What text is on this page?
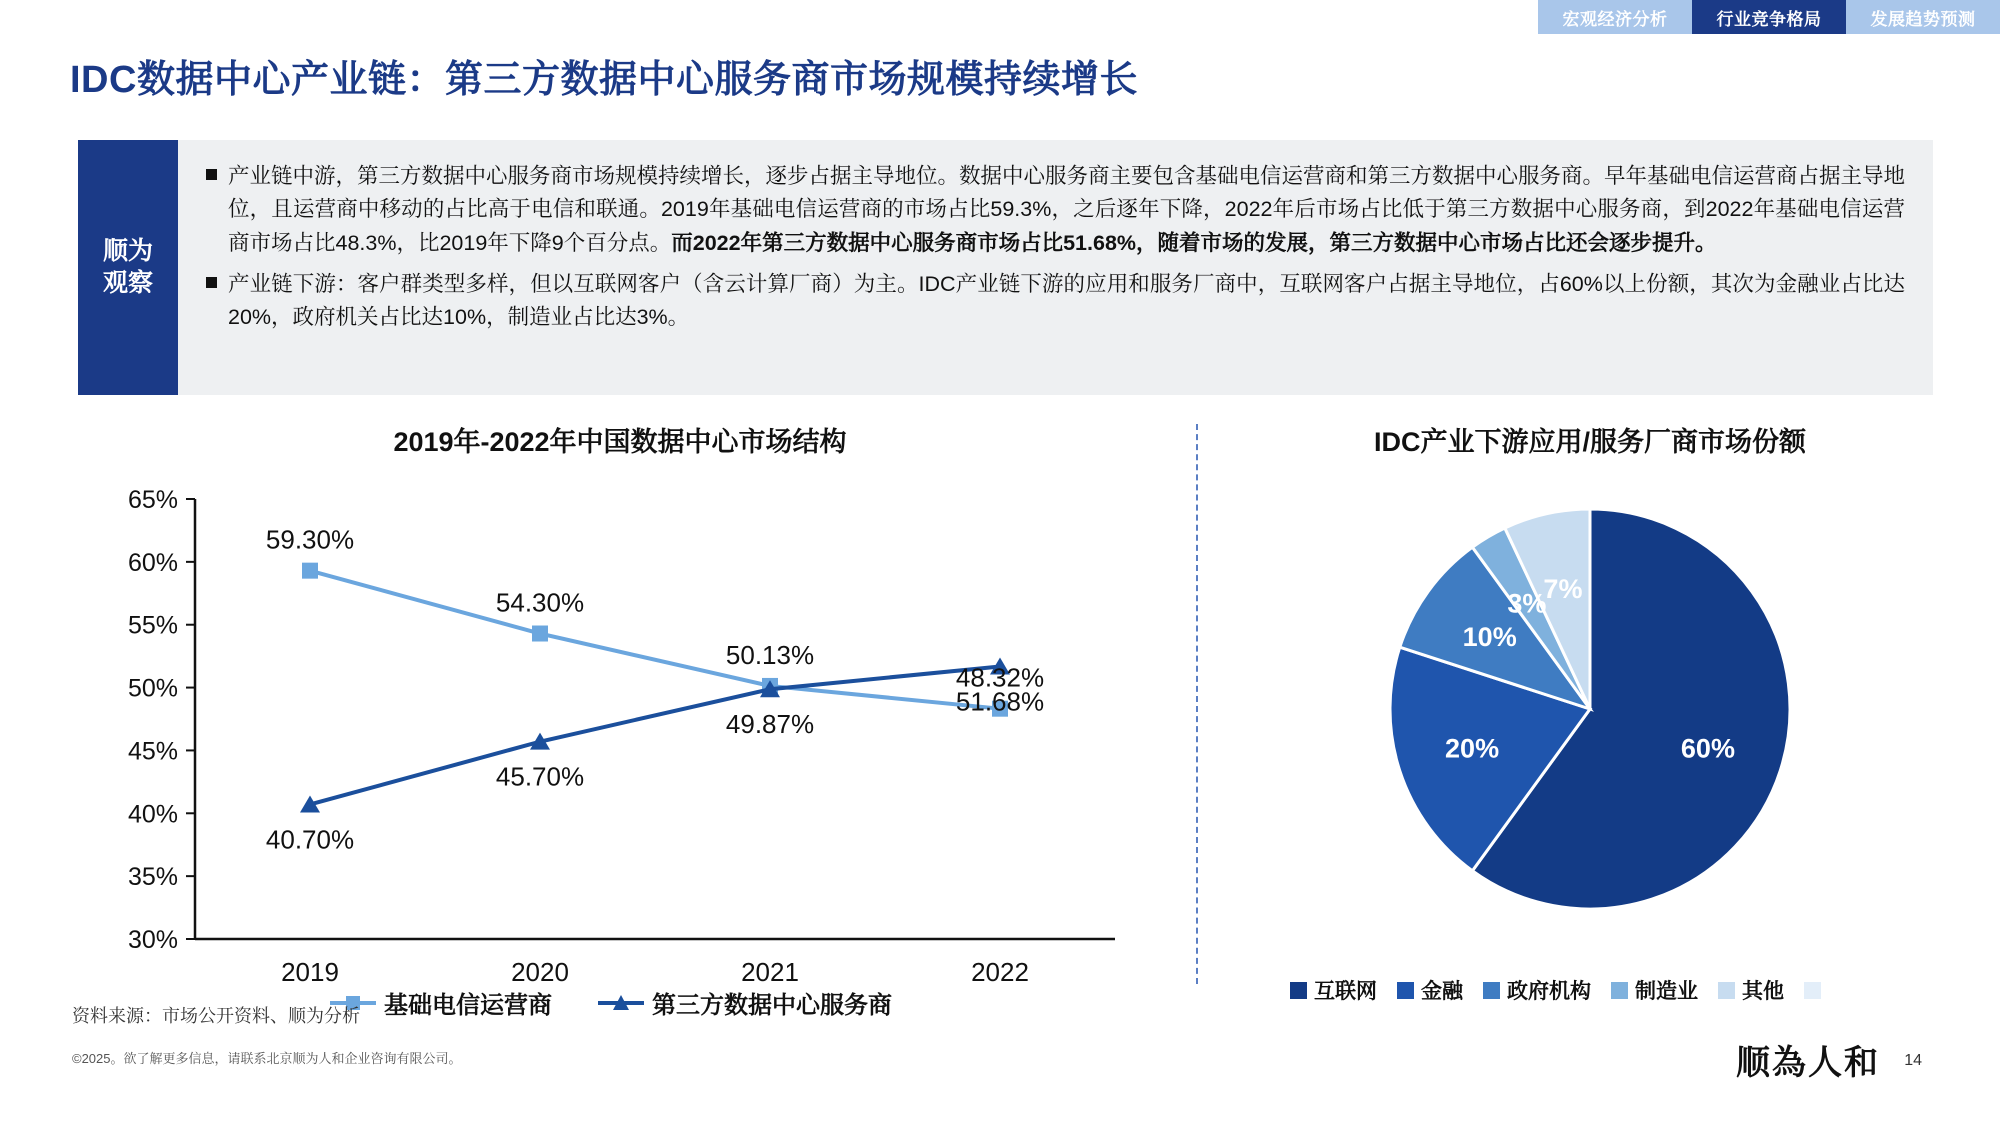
宏观经济分析	行业竞争格局	发展趋势预测
IDC数据中心产业链：第三方数据中心服务商市场规模持续增长
顺为
观察
产业链中游，第三方数据中心服务商市场规模持续增长，逐步占据主导地位。数据中心服务商主要包含基础电信运营商和第三方数据中心服务商。早年基础电信运营商占据主导地位，且运营商中移动的占比高于电信和联通。2019年基础电信运营商的市场占比59.3%，之后逐年下降，2022年后市场占比低于第三方数据中心服务商，到2022年基础电信运营商市场占比48.3%，比2019年下降9个百分点。而2022年第三方数据中心服务商市场占比51.68%，随着市场的发展，第三方数据中心市场占比还会逐步提升。
产业链下游：客户群类型多样，但以互联网客户（含云计算厂商）为主。IDC产业链下游的应用和服务厂商中，互联网客户占据主导地位，占60%以上份额，其次为金融业占比达20%，政府机关占比达10%，制造业占比达3%。
2019年-2022年中国数据中心市场结构
30%
35%
40%
45%
50%
55%
60%
65%
2019	2020	2021	2022
59.30%
54.30%
50.13%
48.32%
40.70%
45.70%
49.87%
51.68%
基础电信运营商	第三方数据中心服务商
IDC产业下游应用/服务厂商市场份额
60%
20%
10%
3%
7%
互联网 金融 政府机构 制造业 其他
资料来源：市场公开资料、顺为分析
©2025。欲了解更多信息，请联系北京顺为人和企业咨询有限公司。	顺為人和 14
